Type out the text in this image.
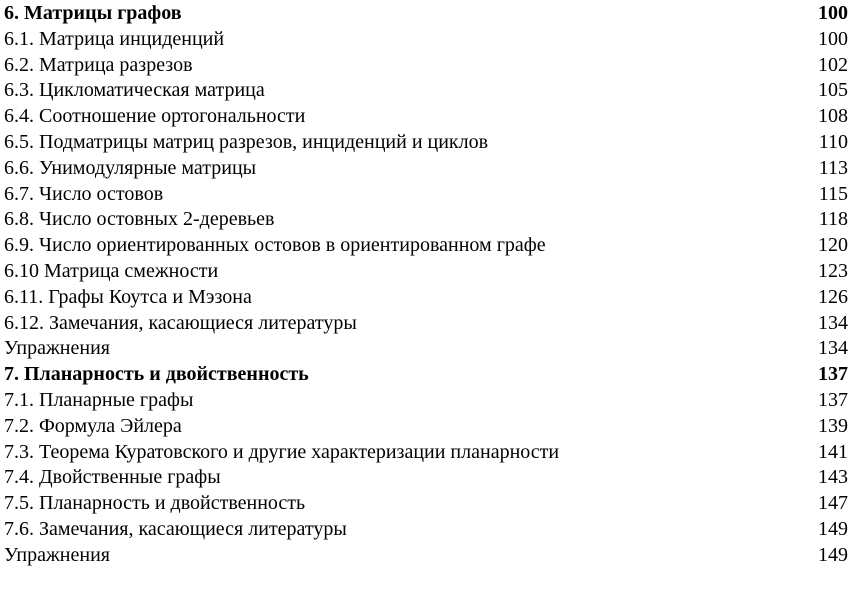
6. Матрицы графов	100
6.1. Матрица инциденций	100
6.2. Матрица разрезов	102
6.3. Цикломатическая матрица	105
6.4. Соотношение ортогональности	108
6.5. Подматрицы матриц разрезов, инциденций и циклов	110
6.6. Унимодулярные матрицы	113
6.7. Число остовов	115
6.8. Число остовных 2-деревьев	118
6.9. Число ориентированных остовов в ориентированном графе	120
6.10 Матрица смежности	123
6.11. Графы Коутса и Мэзона	126
6.12. Замечания, касающиеся литературы	134
Упражнения	134
7. Планарность и двойственность	137
7.1. Планарные графы	137
7.2. Формула Эйлера	139
7.3. Теорема Куратовского и другие характеризации планарности	141
7.4. Двойственные графы	143
7.5. Планарность и двойственность	147
7.6. Замечания, касающиеся литературы	149
Упражнения	149
